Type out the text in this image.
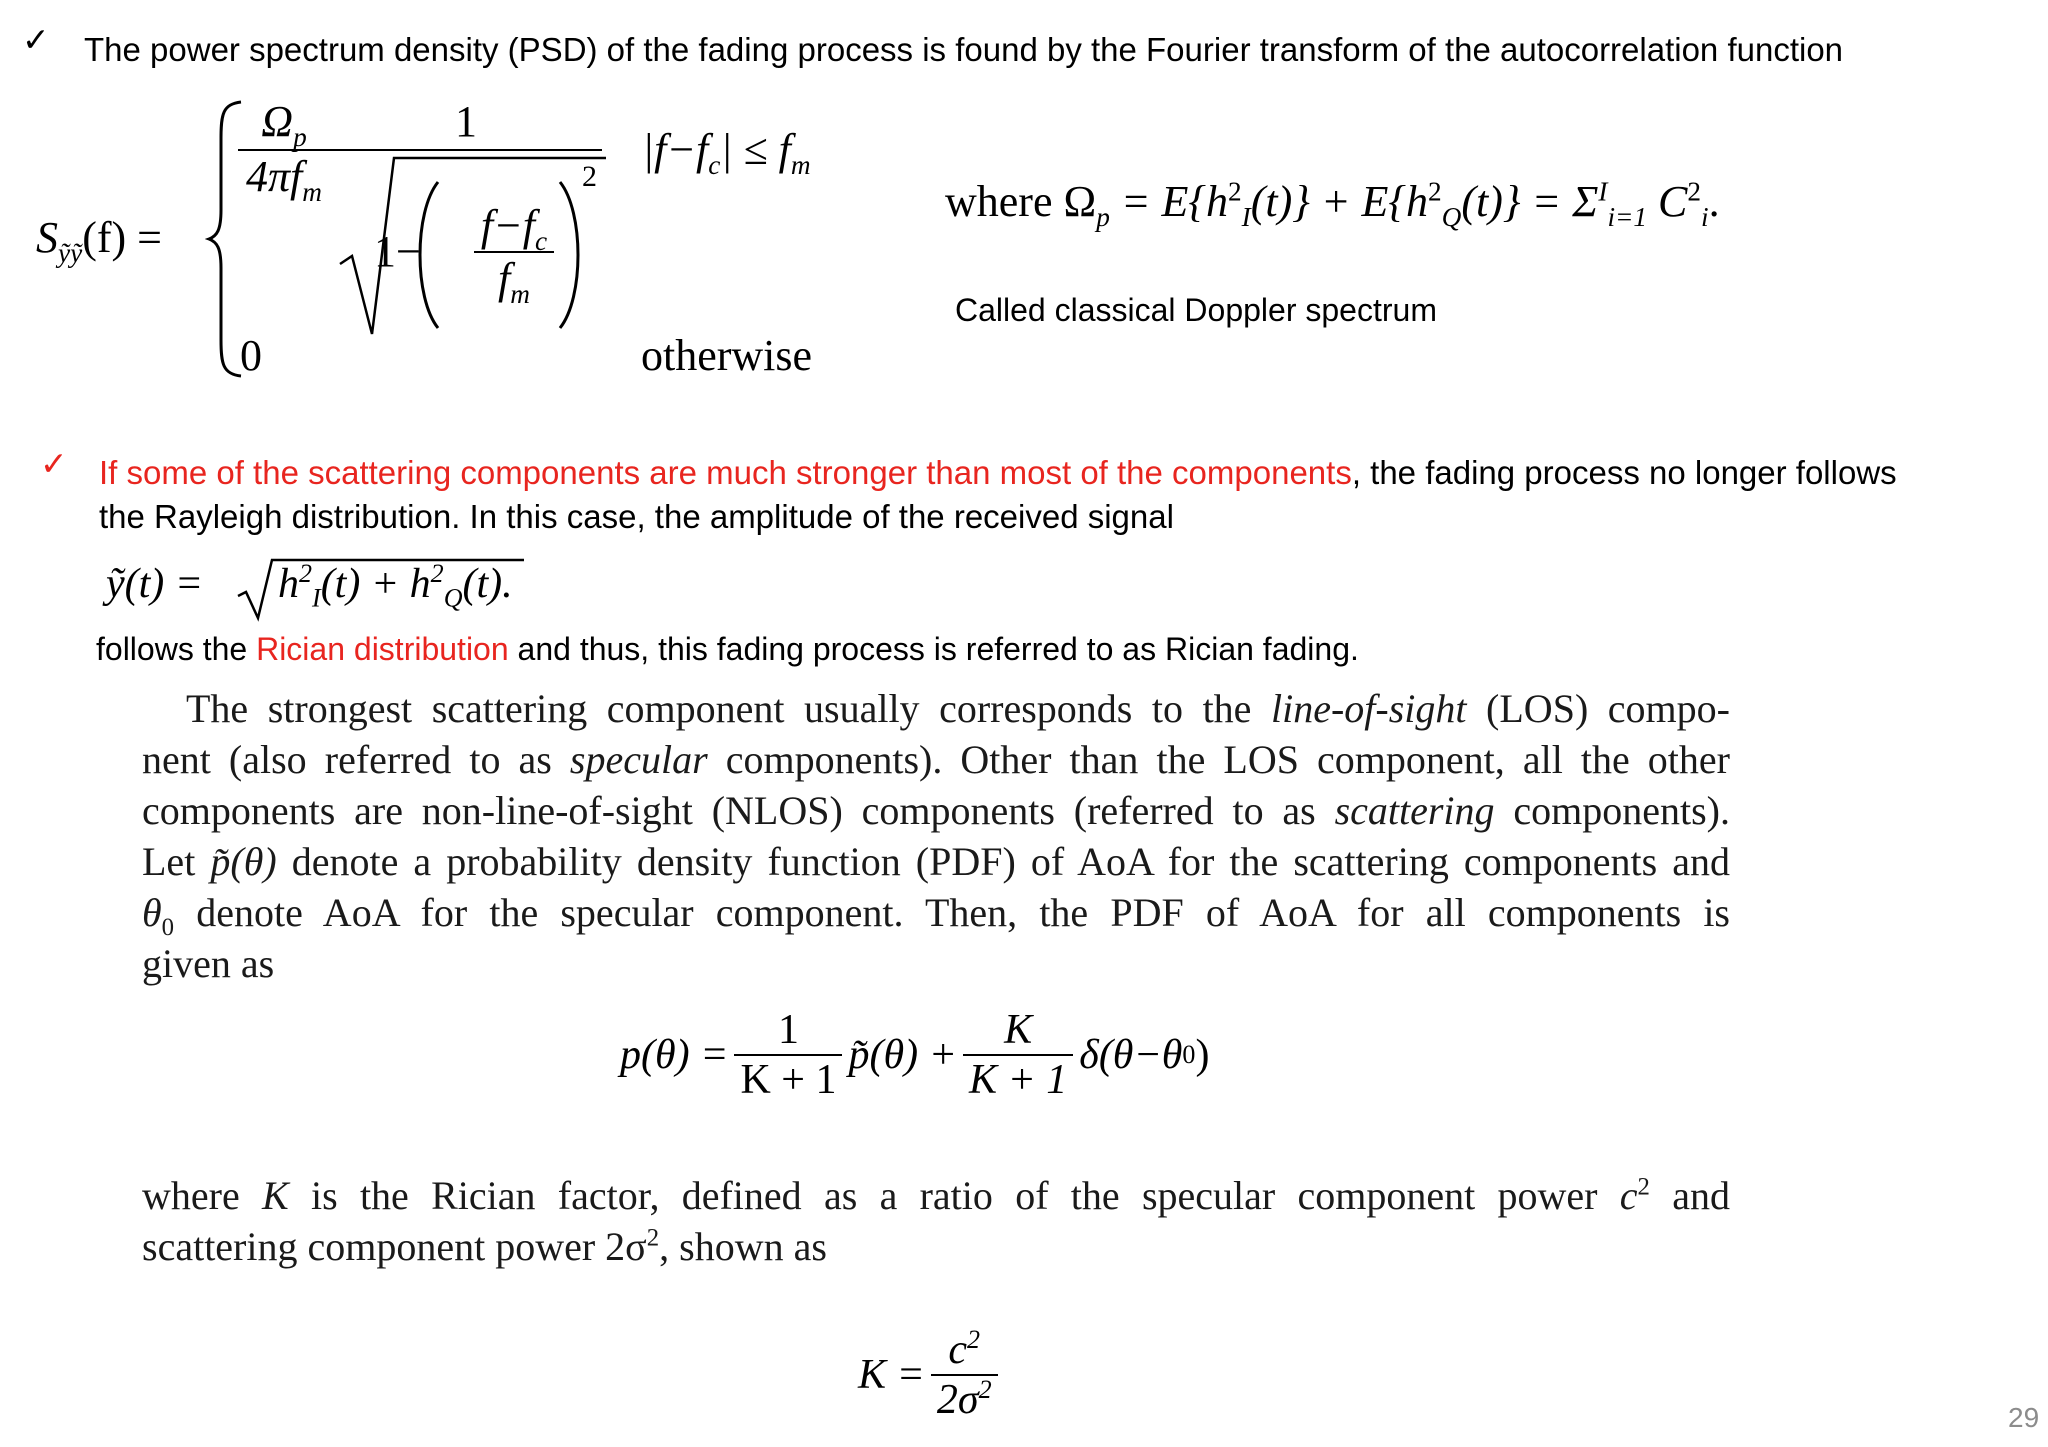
✓ The power spectrum density (PSD) of the fading process is found by the Fourier transform of the autocorrelation function
$S_{ỹỹ}(f)$ =
$\Omega_p$
$4\pi f_m$
1
1−
$f-f_c$
$f_m$
2
$|f-f_c| \le f_m$
0	otherwise
where $\Omega_p = E\{h^2_I(t)\} + E\{h^2_Q(t)\} = \Sigma^I_{i=1}$ $C^2_i$.
Called classical Doppler spectrum
✓ If some of the scattering components are much stronger than most of the components, the fading process no longer follows
the Rayleigh distribution. In this case, the amplitude of the received signal
ỹ(t) = $h^2_I(t) + h^2_Q(t)$.
follows the Rician distribution and thus, this fading process is referred to as Rician fading.
The strongest scattering component usually corresponds to the line-of-sight (LOS) compo-
nent (also referred to as specular components). Other than the LOS component, all the other
components are non-line-of-sight (NLOS) components (referred to as scattering components).
Let p̃(θ) denote a probability density function (PDF) of AoA for the scattering components and
$\theta_0$ denote AoA for the specular component. Then, the PDF of AoA for all components is
given as
$p(\theta) = \frac{1}{K + 1}$ p̃(θ) + $\frac{K}{K + 1} \delta(\theta-\theta$ 0 )
where K is the Rician factor, defined as a ratio of the specular component power $c^2$ and
scattering component power $2\sigma^2$, shown as
$K = \frac{c^2}{2\sigma^2}$	29
